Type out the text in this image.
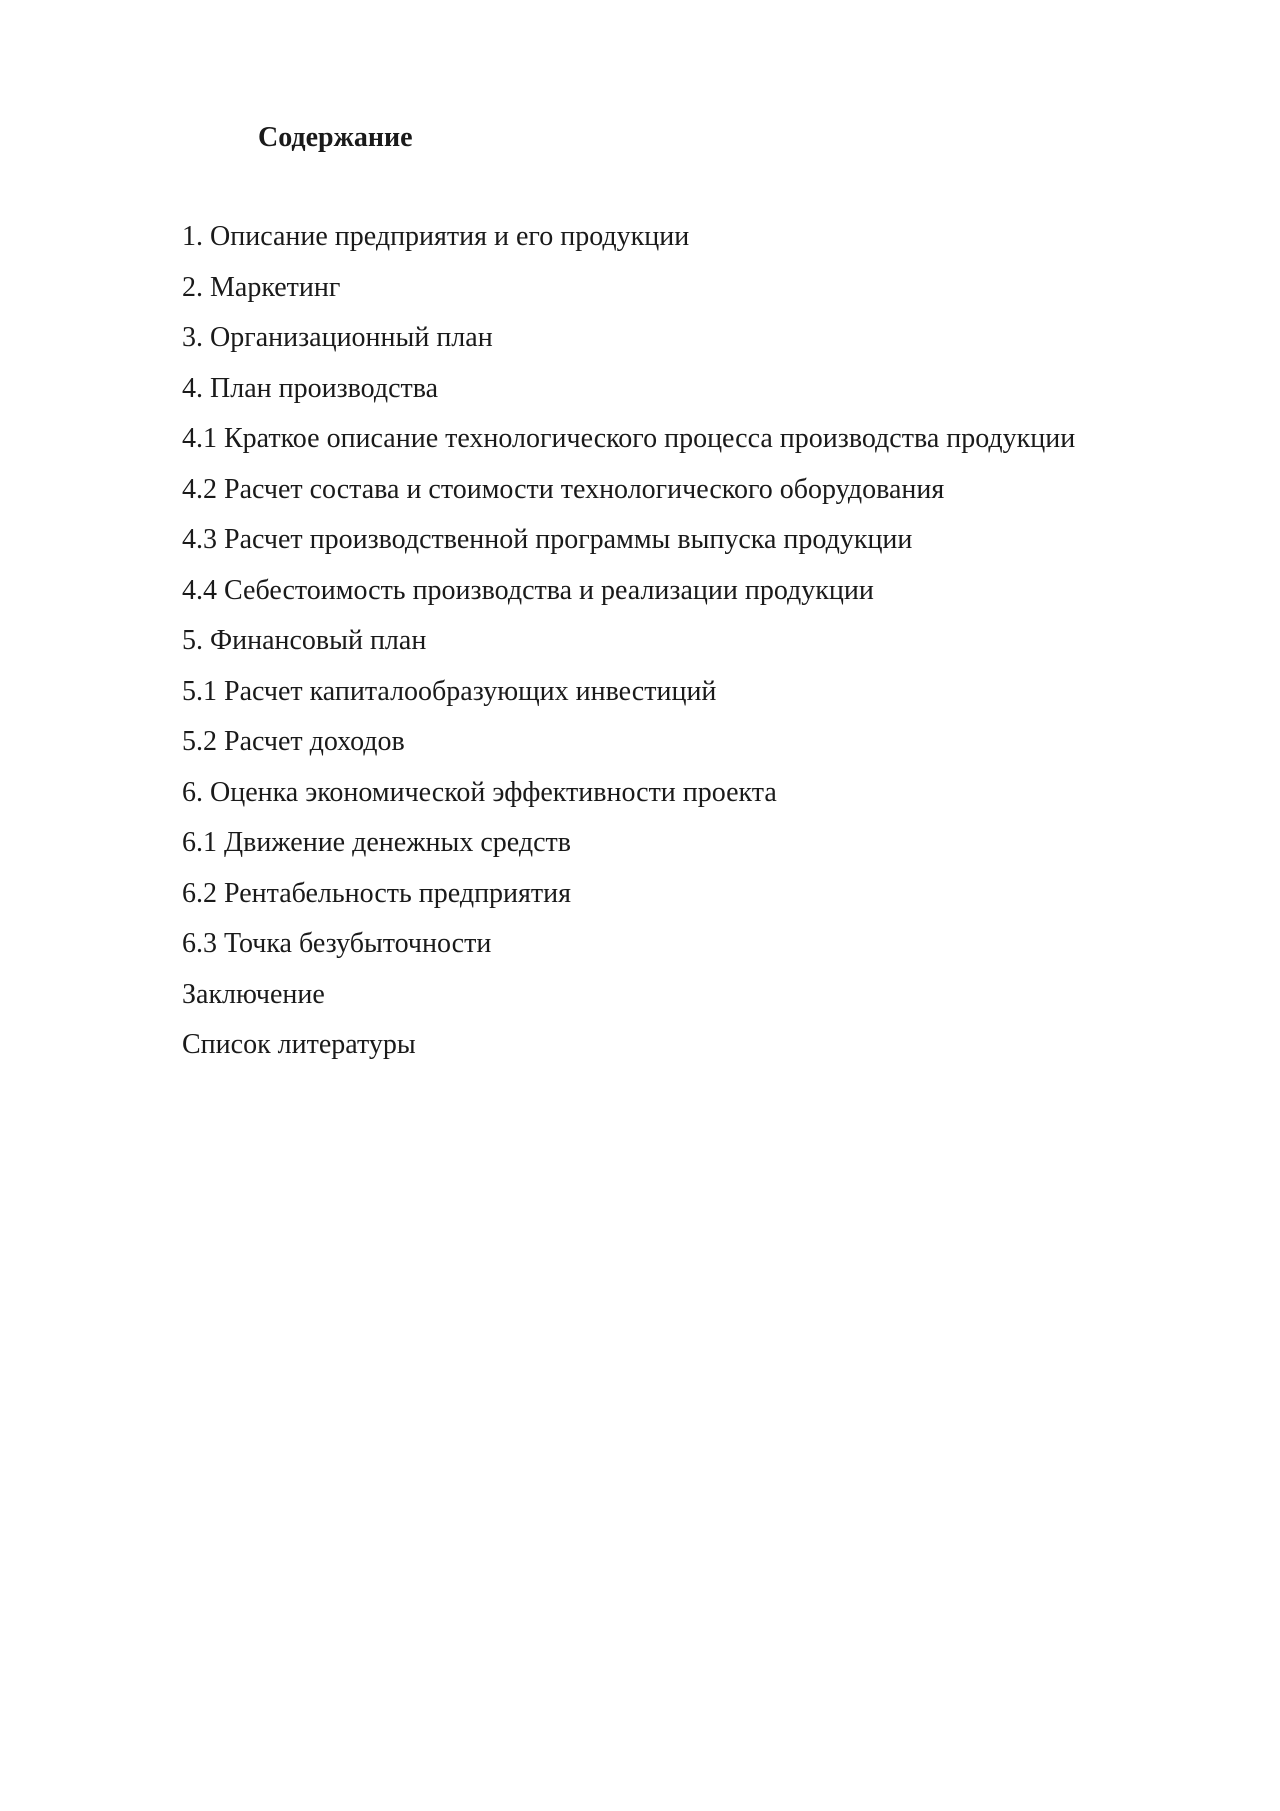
Содержание
1. Описание предприятия и его продукции
2. Маркетинг
3. Организационный план
4. План производства
4.1 Краткое описание технологического процесса производства продукции
4.2 Расчет состава и стоимости технологического оборудования
4.3 Расчет производственной программы выпуска продукции
4.4 Себестоимость производства и реализации продукции
5. Финансовый план
5.1 Расчет капиталообразующих инвестиций
5.2 Расчет доходов
6. Оценка экономической эффективности проекта
6.1 Движение денежных средств
6.2 Рентабельность предприятия
6.3 Точка безубыточности
Заключение
Список литературы
